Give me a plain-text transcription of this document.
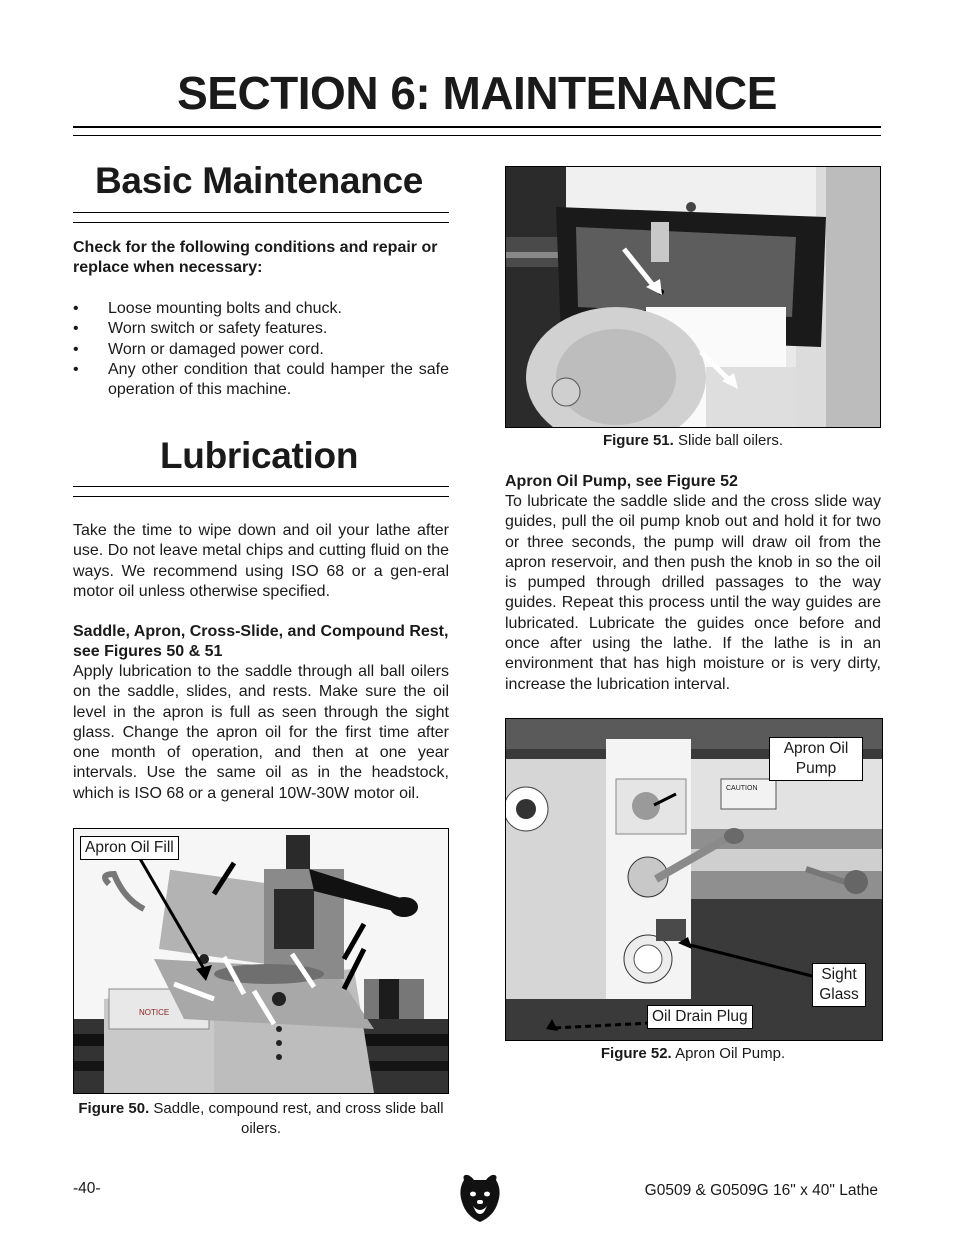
SECTION 6: MAINTENANCE
Basic Maintenance

Check for the following conditions and repair or replace when necessary:

• Loose mounting bolts and chuck.
• Worn switch or safety features.
• Worn or damaged power cord.
• Any other condition that could hamper the safe operation of this machine.
Lubrication

Take the time to wipe down and oil your lathe after use. Do not leave metal chips and cutting fluid on the ways. We recommend using ISO 68 or a gen-eral motor oil unless otherwise specified.

Saddle, Apron, Cross-Slide, and Compound Rest, see Figures 50 & 51

Apply lubrication to the saddle through all ball oilers on the saddle, slides, and rests. Make sure the oil level in the apron is full as seen through the sight glass. Change the apron oil for the first time after one month of operation, and then at one year intervals. Use the same oil as in the headstock, which is ISO 68 or a general 10W-30W motor oil.

NOTICE
Apron Oil Fill
Figure 50. Saddle, compound rest, and cross slide ball oilers.
Figure 51. Slide ball oilers.

Apron Oil Pump, see Figure 52

To lubricate the saddle slide and the cross slide way guides, pull the oil pump knob out and hold it for two or three seconds, the pump will draw oil from the apron reservoir, and then push the knob in so the oil is pumped through drilled passages to the way guides. Repeat this process until the way guides are lubricated. Lubricate the guides once before and once after using the lathe. If the lathe is in an environment that has high moisture or is very dirty, increase the lubrication interval.

CAUTION
Apron Oil Pump
Sight Glass
Oil Drain Plug
Figure 52. Apron Oil Pump.
-40-	G0509 & G0509G 16" x 40" Lathe
